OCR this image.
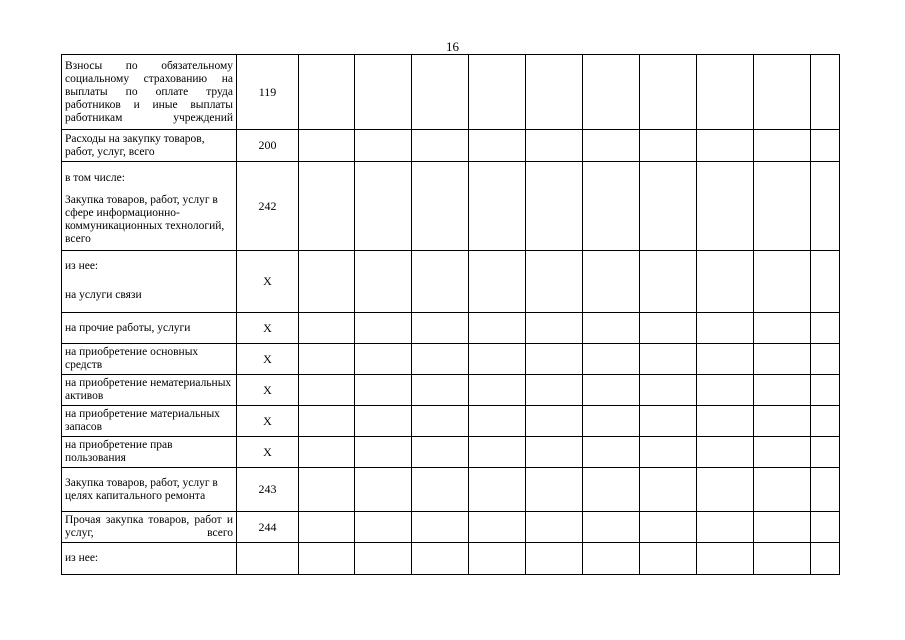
16
Взносы по обязательному социальному страхованию на выплаты по оплате труда работников и иные выплаты работникам учреждений	119										
Расходы на закупку товаров, работ, услуг, всего	200										

в том числе:
Закупка товаров, работ, услуг в сфере информационно-коммуникационных технологий, всего	242										

из нее:
на услуги связи	X										
на прочие работы, услуги	X										
на приобретение основных средств	X										
на приобретение нематериальных активов	X										
на приобретение материальных запасов	X										
на приобретение прав пользования	X										
Закупка товаров, работ, услуг в целях капитального ремонта	243										
Прочая закупка товаров, работ и услуг, всего	244										
из нее:											
